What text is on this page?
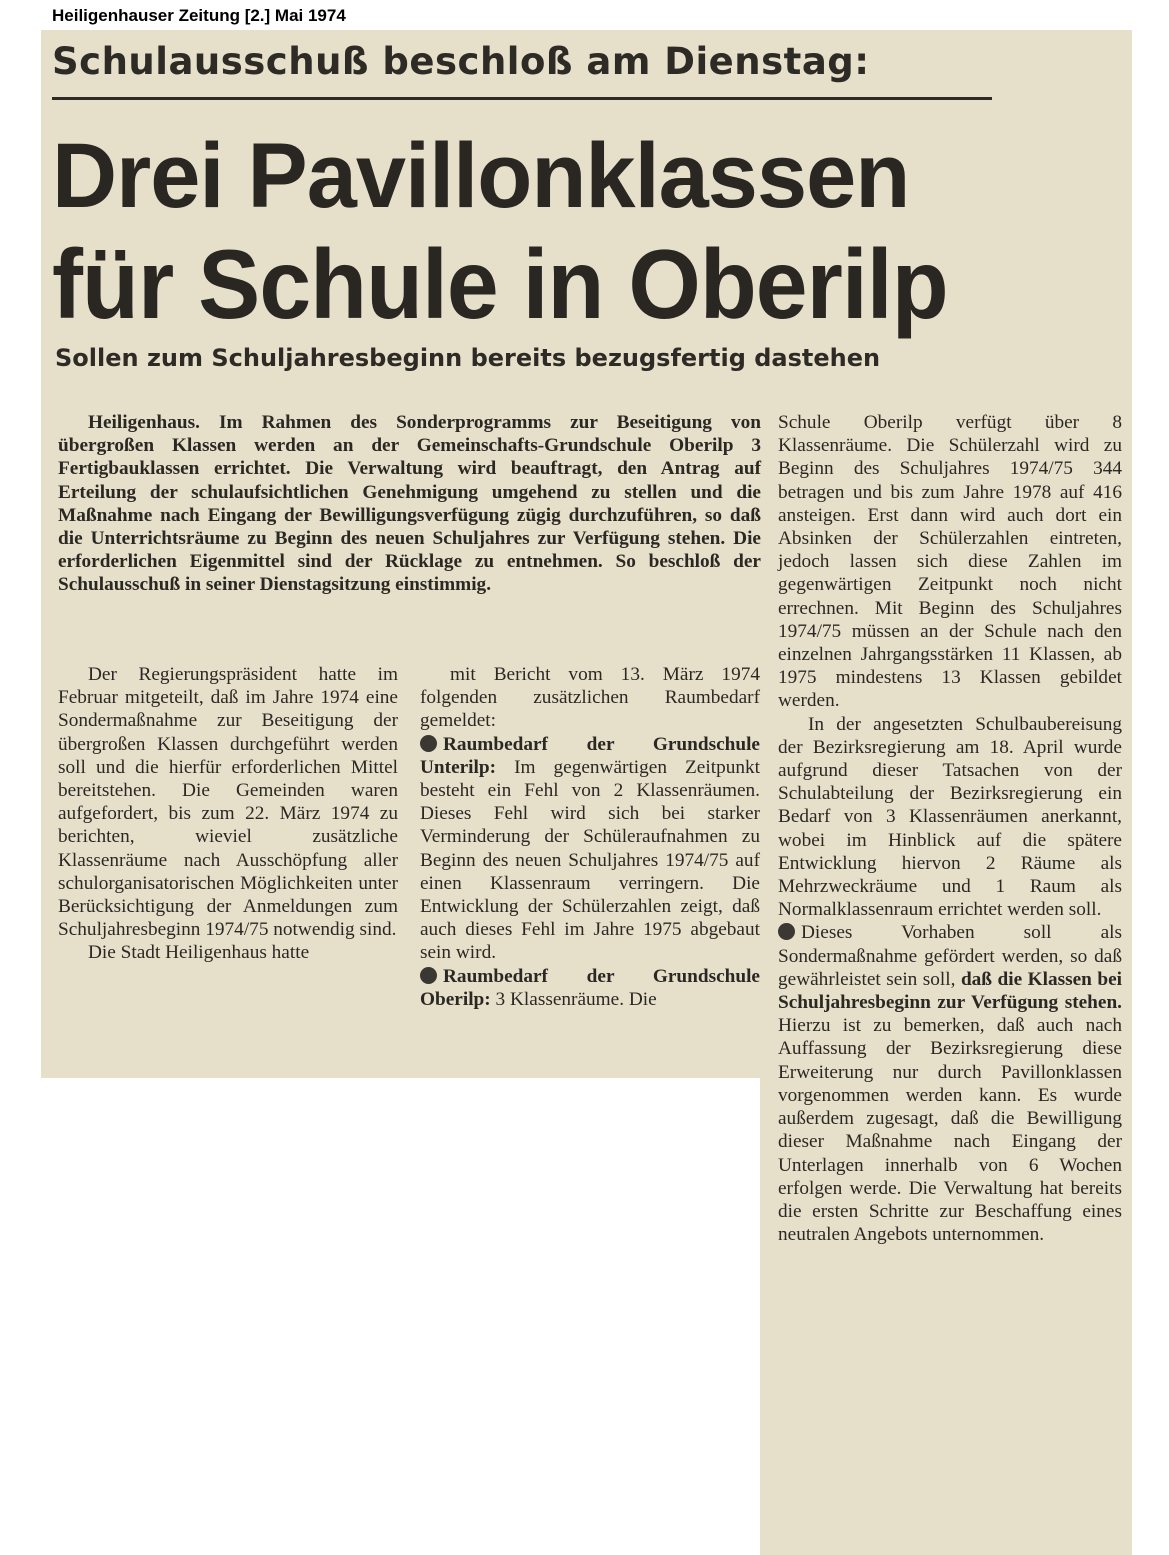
Heiligenhauser Zeitung [2.] Mai 1974
Schulausschuß beschloß am Dienstag:
Drei Pavillonklassen
für Schule in Oberilp
Sollen zum Schuljahresbeginn bereits bezugsfertig dastehen

Heiligenhaus. Im Rahmen des Sonderprogramms zur Beseitigung von übergroßen Klassen werden an der Gemeinschafts-Grundschule Oberilp 3 Fertigbauklassen errichtet. Die Verwaltung wird beauftragt, den Antrag auf Erteilung der schulaufsichtlichen Genehmigung umgehend zu stellen und die Maßnahme nach Eingang der Bewilligungsverfügung zügig durchzuführen, so daß die Unterrichtsräume zu Beginn des neuen Schuljahres zur Verfügung stehen. Die erforderlichen Eigenmittel sind der Rücklage zu entnehmen. So beschloß der Schulausschuß in seiner Dienstagsitzung einstimmig.

Der Regierungspräsident hatte im Februar mitgeteilt, daß im Jahre 1974 eine Sondermaßnahme zur Beseitigung der übergroßen Klassen durchgeführt werden soll und die hierfür erforderlichen Mittel bereitstehen. Die Gemeinden waren aufgefordert, bis zum 22. März 1974 zu berichten, wieviel zusätzliche Klassenräume nach Ausschöpfung aller schulorganisatorischen Möglichkeiten unter Berücksichtigung der Anmeldungen zum Schuljahresbeginn 1974/75 notwendig sind.

Die Stadt Heiligenhaus hatte

mit Bericht vom 13. März 1974 folgenden zusätzlichen Raumbedarf gemeldet:

Raumbedarf der Grundschule Unterilp: Im gegenwärtigen Zeitpunkt besteht ein Fehl von 2 Klassenräumen. Dieses Fehl wird sich bei starker Verminderung der Schüleraufnahmen zu Beginn des neuen Schuljahres 1974/75 auf einen Klassenraum verringern. Die Entwicklung der Schülerzahlen zeigt, daß auch dieses Fehl im Jahre 1975 abgebaut sein wird.

Raumbedarf der Grundschule Oberilp: 3 Klassenräume. Die

Schule Oberilp verfügt über 8 Klassenräume. Die Schülerzahl wird zu Beginn des Schuljahres 1974/75 344 betragen und bis zum Jahre 1978 auf 416 ansteigen. Erst dann wird auch dort ein Absinken der Schülerzahlen eintreten, jedoch lassen sich diese Zahlen im gegenwärtigen Zeitpunkt noch nicht errechnen. Mit Beginn des Schuljahres 1974/75 müssen an der Schule nach den einzelnen Jahrgangsstärken 11 Klassen, ab 1975 mindestens 13 Klassen gebildet werden.

In der angesetzten Schulbaubereisung der Bezirksregierung am 18. April wurde aufgrund dieser Tatsachen von der Schulabteilung der Bezirksregierung ein Bedarf von 3 Klassenräumen anerkannt, wobei im Hinblick auf die spätere Entwicklung hiervon 2 Räume als Mehrzweckräume und 1 Raum als Normalklassenraum errichtet werden soll.

Dieses Vorhaben soll als Sondermaßnahme gefördert werden, so daß gewährleistet sein soll, daß die Klassen bei Schuljahresbeginn zur Verfügung stehen. Hierzu ist zu bemerken, daß auch nach Auffassung der Bezirksregierung diese Erweiterung nur durch Pavillonklassen vorgenommen werden kann. Es wurde außerdem zugesagt, daß die Bewilligung dieser Maßnahme nach Eingang der Unterlagen innerhalb von 6 Wochen erfolgen werde. Die Verwaltung hat bereits die ersten Schritte zur Beschaffung eines neutralen Angebots unternommen.
